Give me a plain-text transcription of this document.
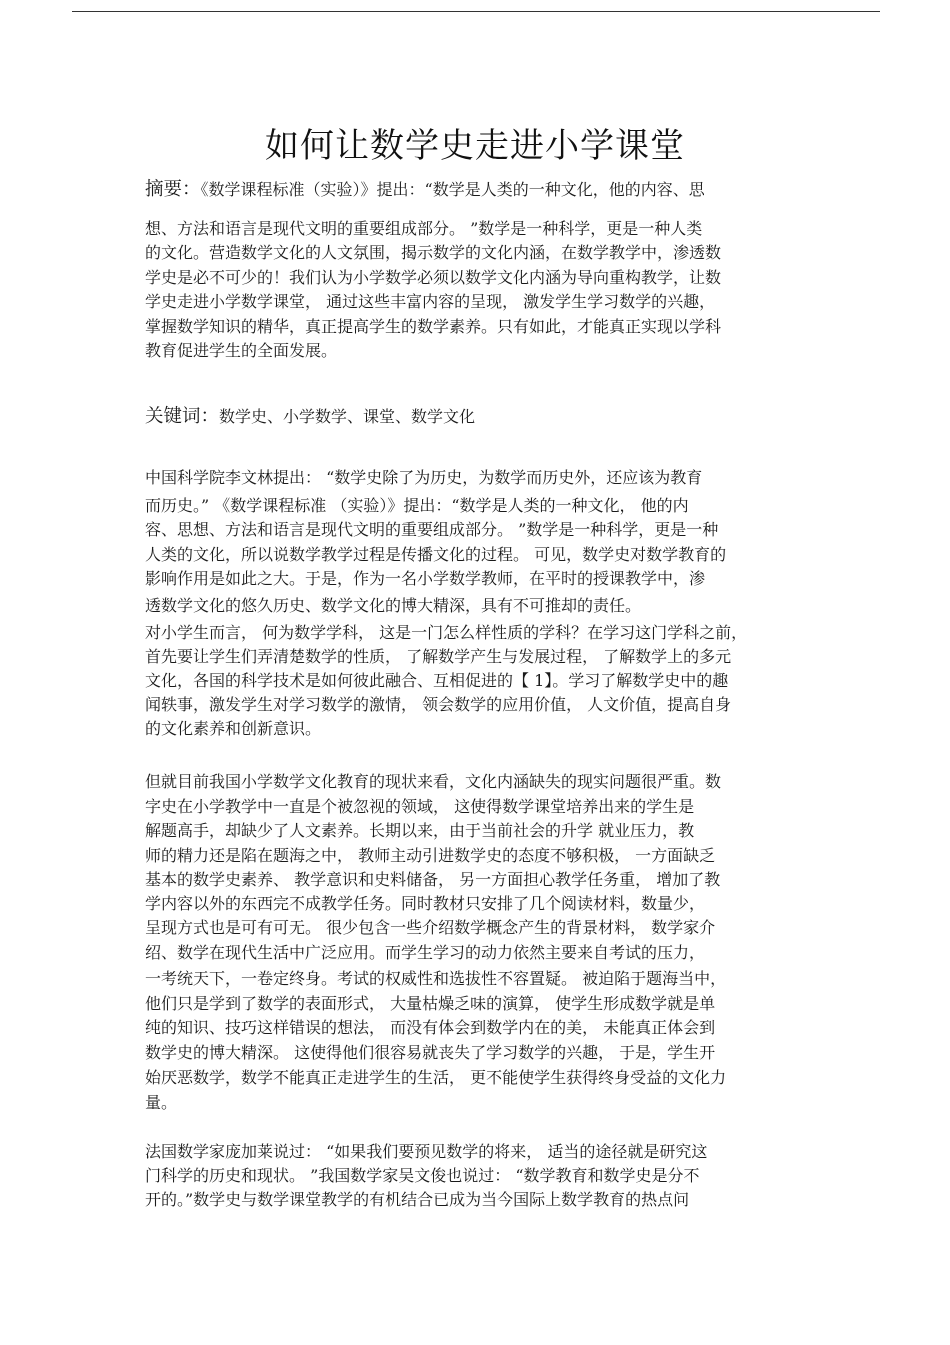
如何让数学史走进小学课堂
摘要：《数学课程标准（实验）》提出：“数学是人类的一种文化，他的内容、思
想、方法和语言是现代文明的重要组成部分。 ”数学是一种科学，更是一种人类
的文化。营造数学文化的人文氛围，揭示数学的文化内涵，在数学教学中，渗透数
学史是必不可少的！我们认为小学数学必须以数学文化内涵为导向重构教学，让数
学史走进小学数学课堂， 通过这些丰富内容的呈现， 激发学生学习数学的兴趣，
掌握数学知识的精华，真正提高学生的数学素养。只有如此，才能真正实现以学科
教育促进学生的全面发展。
关键词：数学史、小学数学、课堂、数学文化
中国科学院李文林提出： “数学史除了为历史，为数学而历史外，还应该为教育
而历史。” 《数学课程标准 （实验）》提出：“数学是人类的一种文化， 他的内
容、思想、方法和语言是现代文明的重要组成部分。 ”数学是一种科学，更是一种
人类的文化，所以说数学教学过程是传播文化的过程。 可见，数学史对数学教育的
影响作用是如此之大。于是，作为一名小学数学教师，在平时的授课教学中，渗
透数学文化的悠久历史、数学文化的博大精深，具有不可推却的责任。
对小学生而言， 何为数学学科， 这是一门怎么样性质的学科？在学习这门学科之前，
首先要让学生们弄清楚数学的性质， 了解数学产生与发展过程， 了解数学上的多元
文化，各国的科学技术是如何彼此融合、互相促进的【 1】。学习了解数学史中的趣
闻轶事，激发学生对学习数学的激情， 领会数学的应用价值， 人文价值，提高自身
的文化素养和创新意识。
但就目前我国小学数学文化教育的现状来看，文化内涵缺失的现实问题很严重。数
字史在小学教学中一直是个被忽视的领域， 这使得数学课堂培养出来的学生是
解题高手，却缺少了人文素养。长期以来，由于当前社会的升学 就业压力，教
师的精力还是陷在题海之中， 教师主动引进数学史的态度不够积极， 一方面缺乏
基本的数学史素养、 教学意识和史料储备， 另一方面担心教学任务重， 增加了教
学内容以外的东西完不成教学任务。同时教材只安排了几个阅读材料，数量少，
呈现方式也是可有可无。 很少包含一些介绍数学概念产生的背景材料， 数学家介
绍、数学在现代生活中广泛应用。而学生学习的动力依然主要来自考试的压力，
一考统天下，一卷定终身。考试的权威性和选拔性不容置疑。 被迫陷于题海当中，
他们只是学到了数学的表面形式， 大量枯燥乏味的演算， 使学生形成数学就是单
纯的知识、技巧这样错误的想法， 而没有体会到数学内在的美， 未能真正体会到
数学史的博大精深。 这使得他们很容易就丧失了学习数学的兴趣， 于是，学生开
始厌恶数学，数学不能真正走进学生的生活， 更不能使学生获得终身受益的文化力
量。
法国数学家庞加莱说过： “如果我们要预见数学的将来， 适当的途径就是研究这
门科学的历史和现状。 ”我国数学家吴文俊也说过： “数学教育和数学史是分不
开的。”数学史与数学课堂教学的有机结合已成为当今国际上数学教育的热点问
